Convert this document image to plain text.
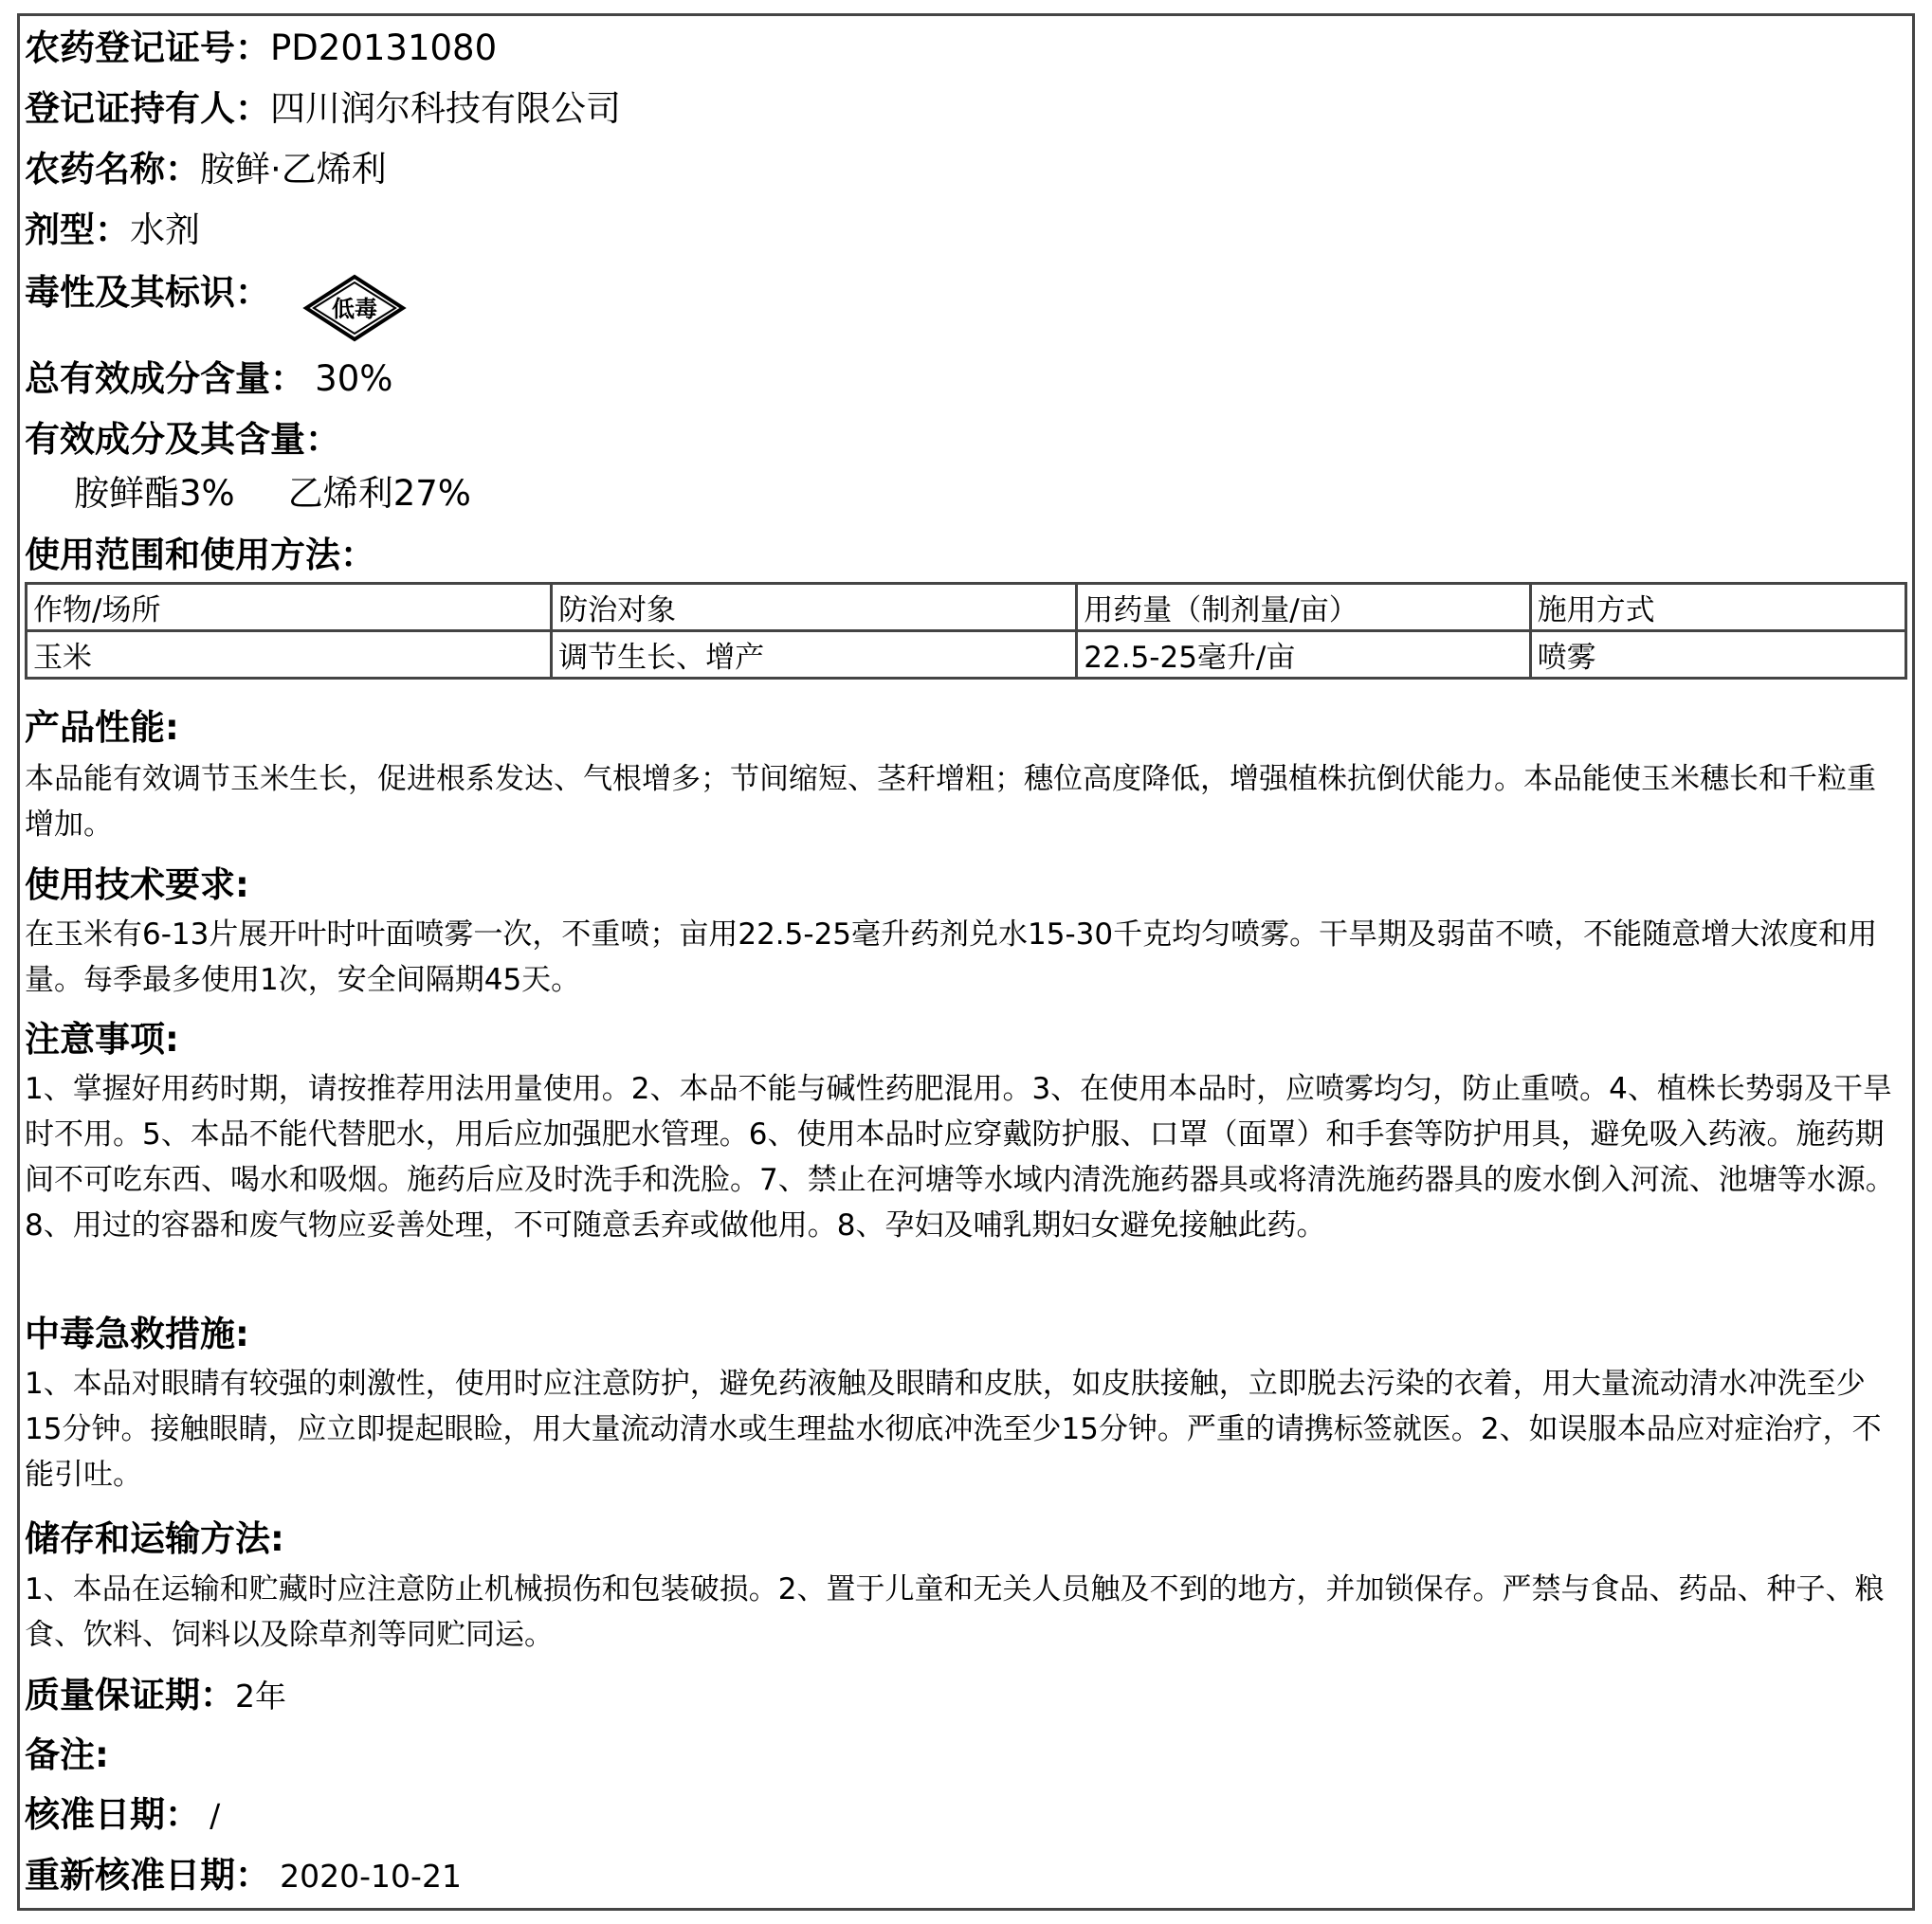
农药登记证号：PD20131080
登记证持有人：四川润尔科技有限公司
农药名称：胺鲜·乙烯利
剂型：水剂
毒性及其标识：	低毒
总有效成分含量： 30%
有效成分及其含量：
胺鲜酯3% 乙烯利27%
使用范围和使用方法：
作物/场所	防治对象	用药量（制剂量/亩）	施用方式
玉米	调节生长、增产	22.5-25毫升/亩	喷雾
产品性能:
本品能有效调节玉米生长，促进根系发达、气根增多；节间缩短、茎秆增粗；穗位高度降低，增强植株抗倒伏能力。本品能使玉米穗长和千粒重增加。
使用技术要求:
在玉米有6-13片展开叶时叶面喷雾一次，不重喷；亩用22.5-25毫升药剂兑水15-30千克均匀喷雾。干旱期及弱苗不喷，不能随意增大浓度和用量。每季最多使用1次，安全间隔期45天。
注意事项:
1、掌握好用药时期，请按推荐用法用量使用。2、本品不能与碱性药肥混用。3、在使用本品时，应喷雾均匀，防止重喷。4、植株长势弱及干旱时不用。5、本品不能代替肥水，用后应加强肥水管理。6、使用本品时应穿戴防护服、口罩（面罩）和手套等防护用具，避免吸入药液。施药期间不可吃东西、喝水和吸烟。施药后应及时洗手和洗脸。7、禁止在河塘等水域内清洗施药器具或将清洗施药器具的废水倒入河流、池塘等水源。8、用过的容器和废气物应妥善处理，不可随意丢弃或做他用。8、孕妇及哺乳期妇女避免接触此药。
中毒急救措施:
1、本品对眼睛有较强的刺激性，使用时应注意防护，避免药液触及眼睛和皮肤，如皮肤接触，立即脱去污染的衣着，用大量流动清水冲洗至少15分钟。接触眼睛，应立即提起眼睑，用大量流动清水或生理盐水彻底冲洗至少15分钟。严重的请携标签就医。2、如误服本品应对症治疗，不能引吐。
储存和运输方法:
1、本品在运输和贮藏时应注意防止机械损伤和包装破损。2、置于儿童和无关人员触及不到的地方，并加锁保存。严禁与食品、药品、种子、粮食、饮料、饲料以及除草剂等同贮同运。
质量保证期：2年
备注:
核准日期： /
重新核准日期： 2020-10-21
